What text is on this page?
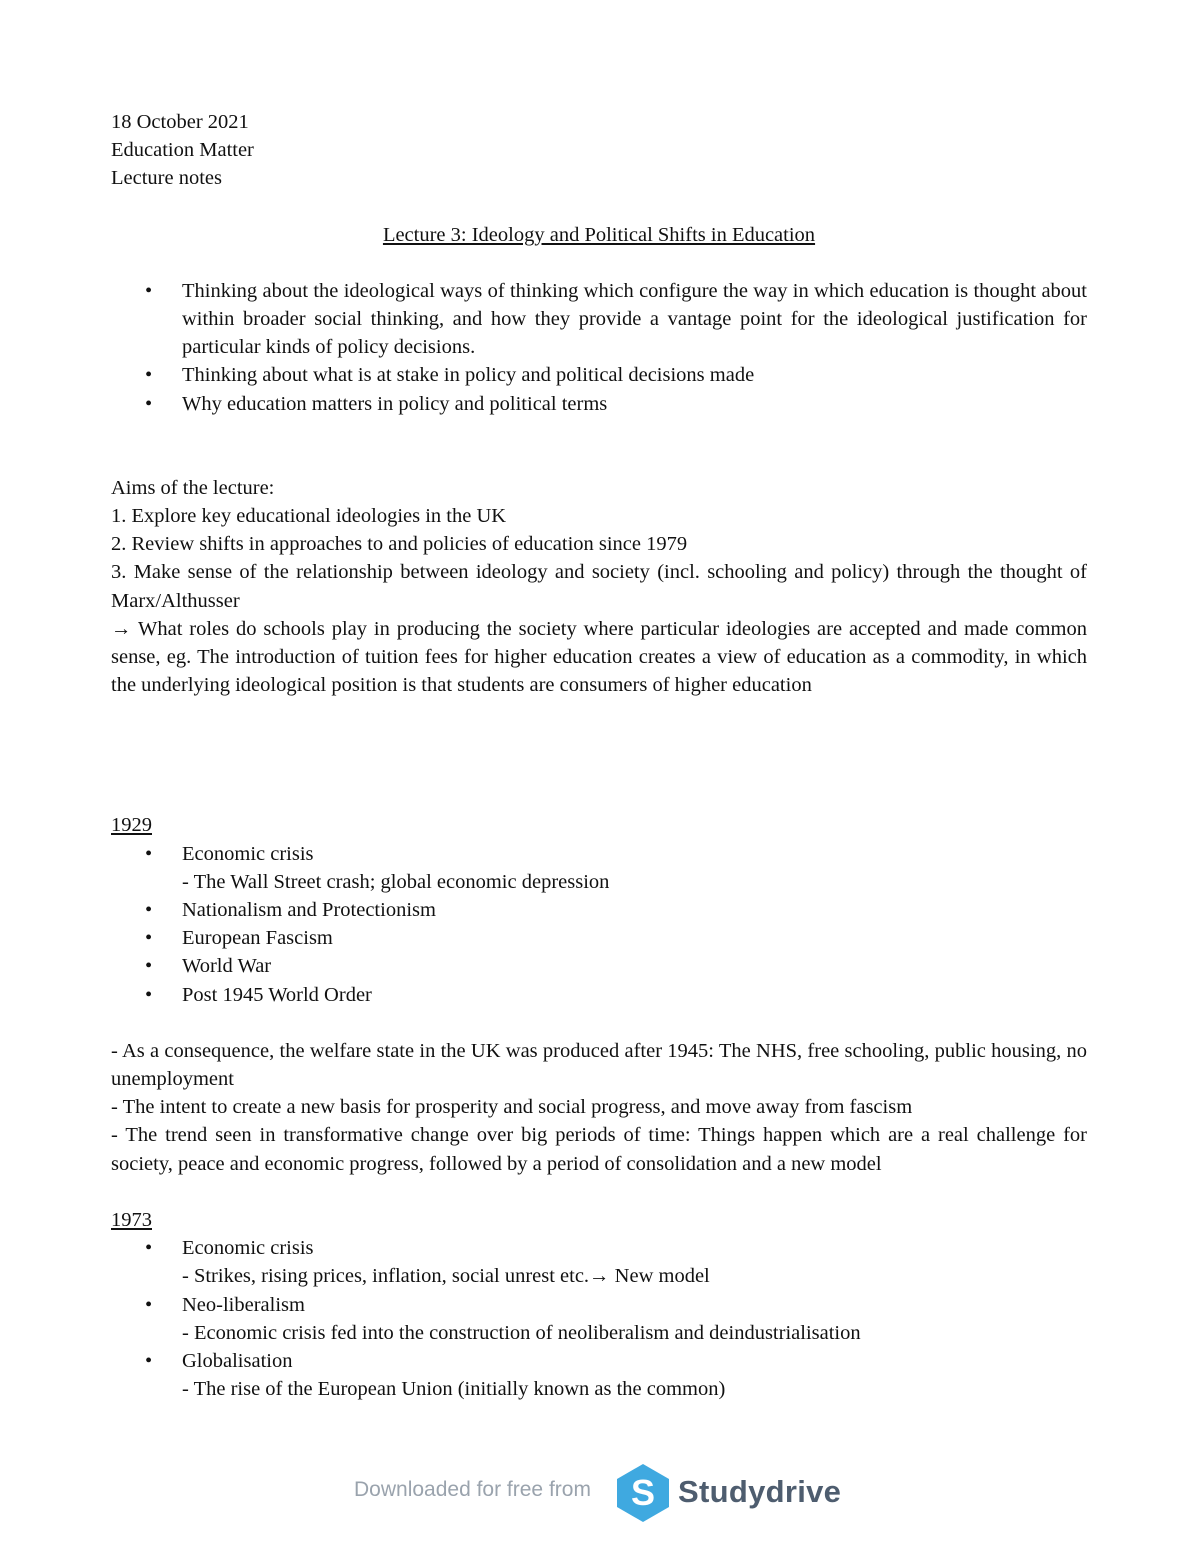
18 October 2021
Education Matter
Lecture notes
Lecture 3: Ideology and Political Shifts in Education
• Thinking about the ideological ways of thinking which configure the way in which education is thought about within broader social thinking, and how they provide a vantage point for the ideological justification for particular kinds of policy decisions.
• Thinking about what is at stake in policy and political decisions made
• Why education matters in policy and political terms

Aims of the lecture:

1. Explore key educational ideologies in the UK

2. Review shifts in approaches to and policies of education since 1979

3. Make sense of the relationship between ideology and society (incl. schooling and policy) through the thought of Marx/Althusser

→ What roles do schools play in producing the society where particular ideologies are accepted and made common sense, eg. The introduction of tuition fees for higher education creates a view of education as a commodity, in which the underlying ideological position is that students are consumers of higher education

1929

• Economic crisis
- The Wall Street crash; global economic depression
• Nationalism and Protectionism
• European Fascism
• World War
• Post 1945 World Order

- As a consequence, the welfare state in the UK was produced after 1945: The NHS, free schooling, public housing, no unemployment

- The intent to create a new basis for prosperity and social progress, and move away from fascism

- The trend seen in transformative change over big periods of time: Things happen which are a real challenge for society, peace and economic progress, followed by a period of consolidation and a new model

1973

• Economic crisis
- Strikes, rising prices, inflation, social unrest etc.→ New model
• Neo-liberalism
- Economic crisis fed into the construction of neoliberalism and deindustrialisation
• Globalisation
- The rise of the European Union (initially known as the common)
Downloaded for free from S Studydrive
